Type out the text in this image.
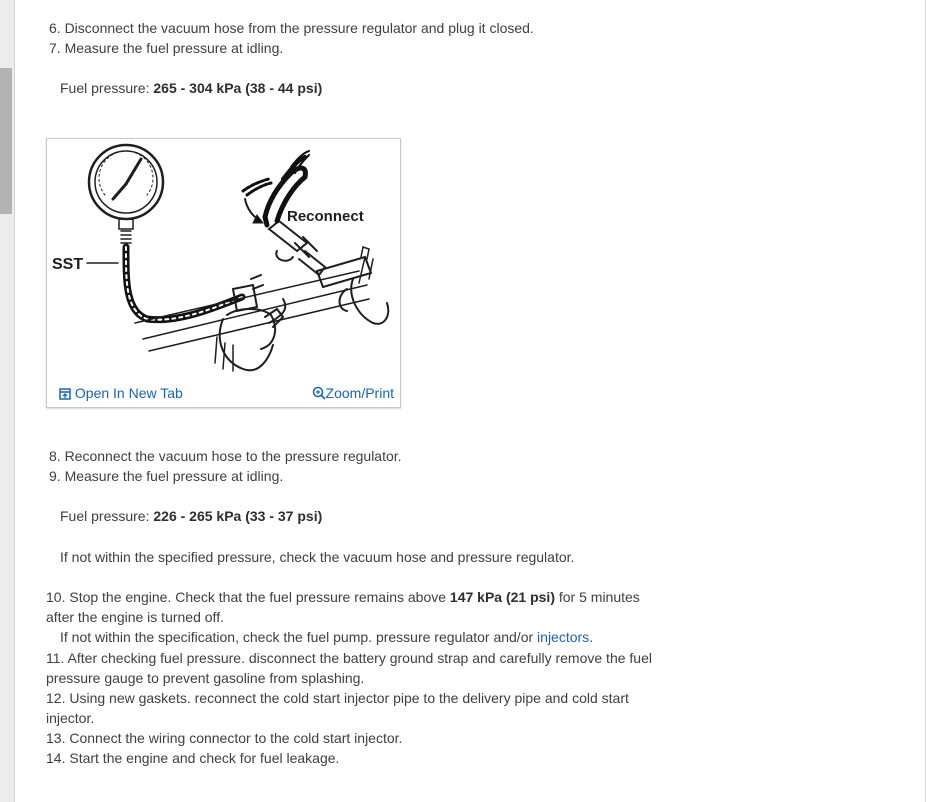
6. Disconnect the vacuum hose from the pressure regulator and plug it closed.
7. Measure the fuel pressure at idling.
Fuel pressure: 265 - 304 kPa (38 - 44 psi)
Reconnect
SST
Open In New Tab	Zoom/Print
8. Reconnect the vacuum hose to the pressure regulator.
9. Measure the fuel pressure at idling.
Fuel pressure: 226 - 265 kPa (33 - 37 psi)
If not within the specified pressure, check the vacuum hose and pressure regulator.
10. Stop the engine. Check that the fuel pressure remains above 147 kPa (21 psi) for 5 minutes
after the engine is turned off.
If not within the specification, check the fuel pump. pressure regulator and/or injectors.
11. After checking fuel pressure. disconnect the battery ground strap and carefully remove the fuel
pressure gauge to prevent gasoline from splashing.
12. Using new gaskets. reconnect the cold start injector pipe to the delivery pipe and cold start
injector.
13. Connect the wiring connector to the cold start injector.
14. Start the engine and check for fuel leakage.
